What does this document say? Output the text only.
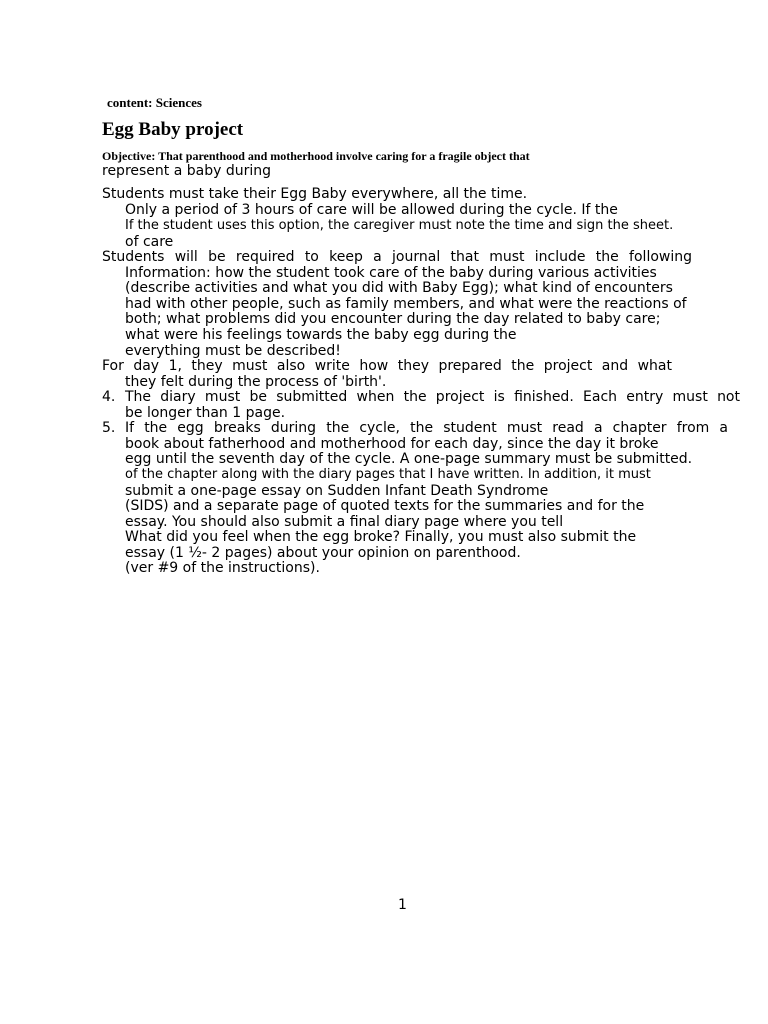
content: Sciences
Egg Baby project
Objective: That parenthood and motherhood involve caring for a fragile object that
represent a baby during
Students must take their Egg Baby everywhere, all the time.
Only a period of 3 hours of care will be allowed during the cycle. If the
If the student uses this option, the caregiver must note the time and sign the sheet.
of care
Students will be required to keep a journal that must include the following
Information: how the student took care of the baby during various activities
(describe activities and what you did with Baby Egg); what kind of encounters
had with other people, such as family members, and what were the reactions of
both; what problems did you encounter during the day related to baby care;
what were his feelings towards the baby egg during the
everything must be described!
For day 1, they must also write how they prepared the project and what
they felt during the process of 'birth'.
4. The diary must be submitted when the project is finished. Each entry must not
be longer than 1 page.
5. If the egg breaks during the cycle, the student must read a chapter from a
book about fatherhood and motherhood for each day, since the day it broke
egg until the seventh day of the cycle. A one-page summary must be submitted.
of the chapter along with the diary pages that I have written. In addition, it must
submit a one-page essay on Sudden Infant Death Syndrome
(SIDS) and a separate page of quoted texts for the summaries and for the
essay. You should also submit a final diary page where you tell
What did you feel when the egg broke? Finally, you must also submit the
essay (1 ½- 2 pages) about your opinion on parenthood.
(ver #9 of the instructions).
1
